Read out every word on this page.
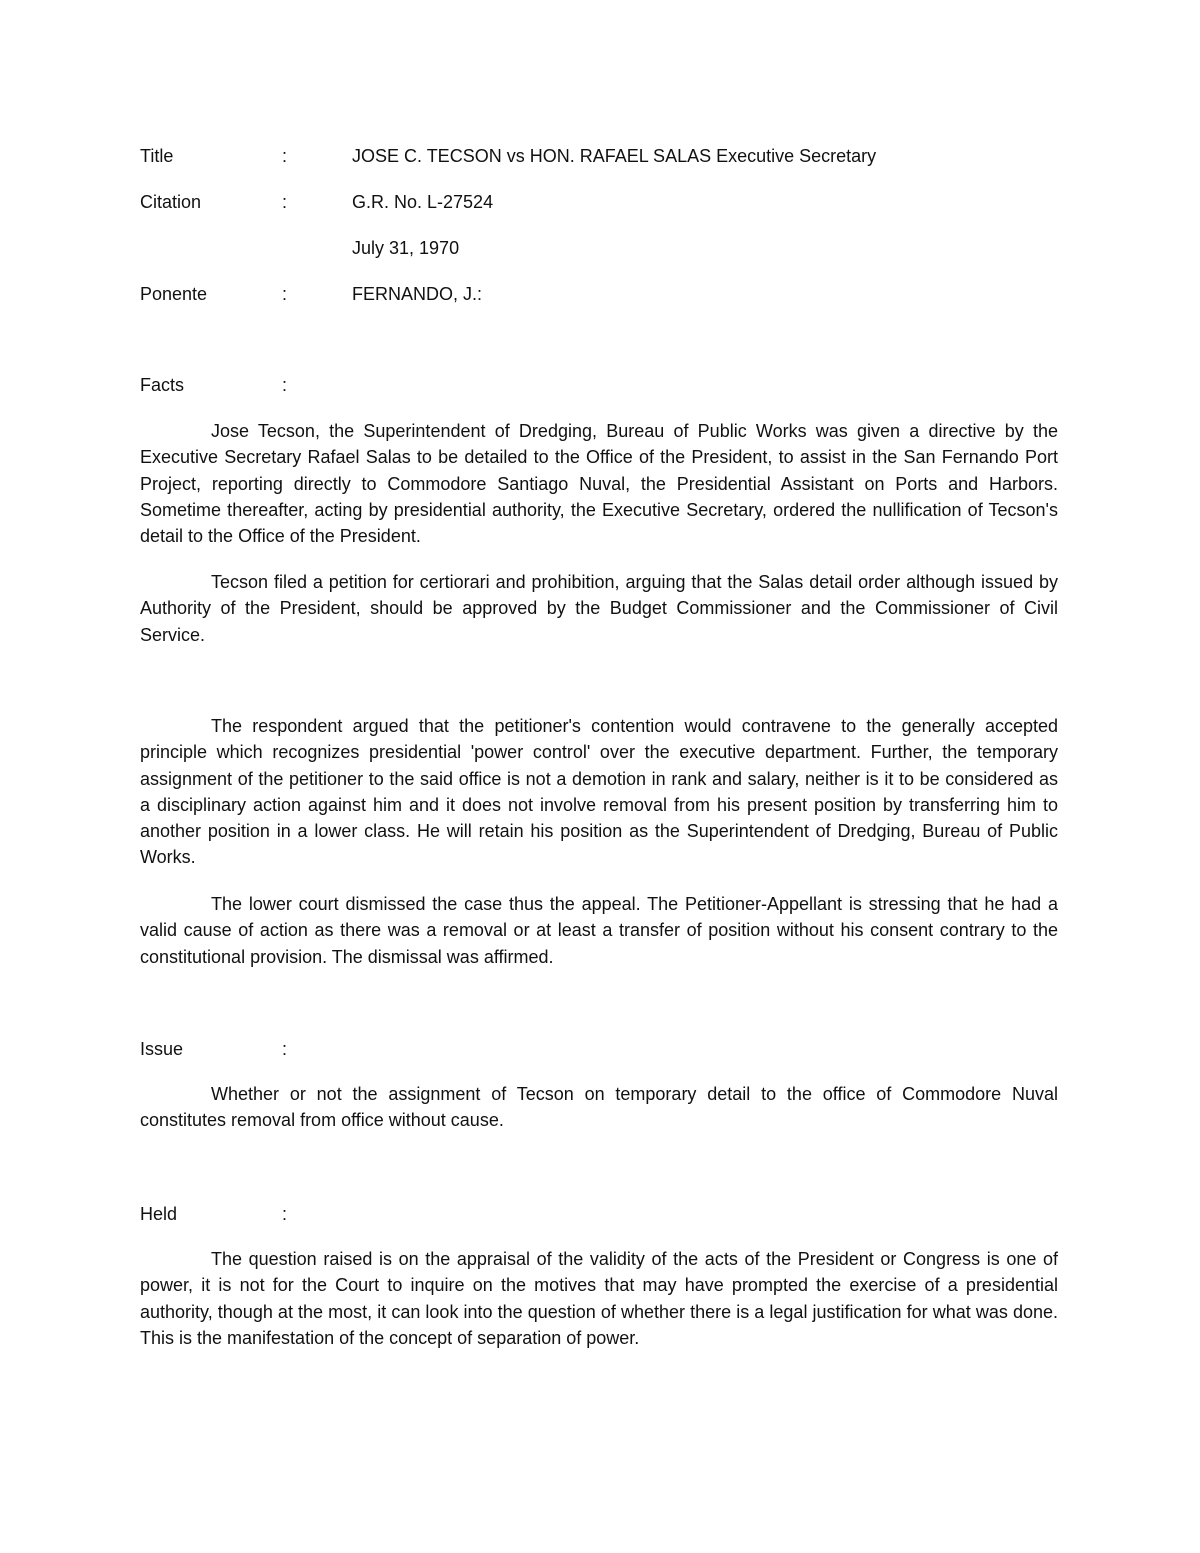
Title	:	JOSE C. TECSON vs HON. RAFAEL SALAS Executive Secretary
Citation	:	G.R. No. L-27524
July 31, 1970
Ponente	:	FERNANDO, J.:
Facts	:

Jose Tecson, the Superintendent of Dredging, Bureau of Public Works was given a directive by the Executive Secretary Rafael Salas to be detailed to the Office of the President, to assist in the San Fernando Port Project, reporting directly to Commodore Santiago Nuval, the Presidential Assistant on Ports and Harbors. Sometime thereafter, acting by presidential authority, the Executive Secretary, ordered the nullification of Tecson's detail to the Office of the President.

Tecson filed a petition for certiorari and prohibition, arguing that the Salas detail order although issued by Authority of the President, should be approved by the Budget Commissioner and the Commissioner of Civil Service.

The respondent argued that the petitioner's contention would contravene to the generally accepted principle which recognizes presidential 'power control' over the executive department. Further, the temporary assignment of the petitioner to the said office is not a demotion in rank and salary, neither is it to be considered as a disciplinary action against him and it does not involve removal from his present position by transferring him to another position in a lower class. He will retain his position as the Superintendent of Dredging, Bureau of Public Works.

The lower court dismissed the case thus the appeal. The Petitioner-Appellant is stressing that he had a valid cause of action as there was a removal or at least a transfer of position without his consent contrary to the constitutional provision. The dismissal was affirmed.

Issue	:

Whether or not the assignment of Tecson on temporary detail to the office of Commodore Nuval constitutes removal from office without cause.

Held	:

The question raised is on the appraisal of the validity of the acts of the President or Congress is one of power, it is not for the Court to inquire on the motives that may have prompted the exercise of a presidential authority, though at the most, it can look into the question of whether there is a legal justification for what was done. This is the manifestation of the concept of separation of power.
